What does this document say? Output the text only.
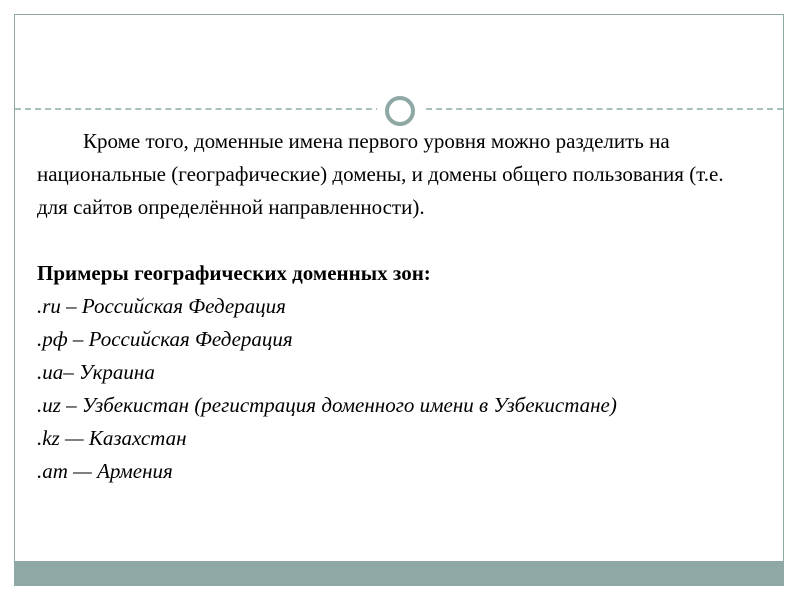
Кроме того, доменные имена первого уровня можно разделить на национальные (географические) домены, и домены общего пользования (т.е. для сайтов определённой направленности).

Примеры географических доменных зон:

.ru – Российская Федерация

.рф – Российская Федерация

.ua– Украина

.uz – Узбекистан (регистрация доменного имени в Узбекистане)

.kz — Казахстан

.am — Армения
